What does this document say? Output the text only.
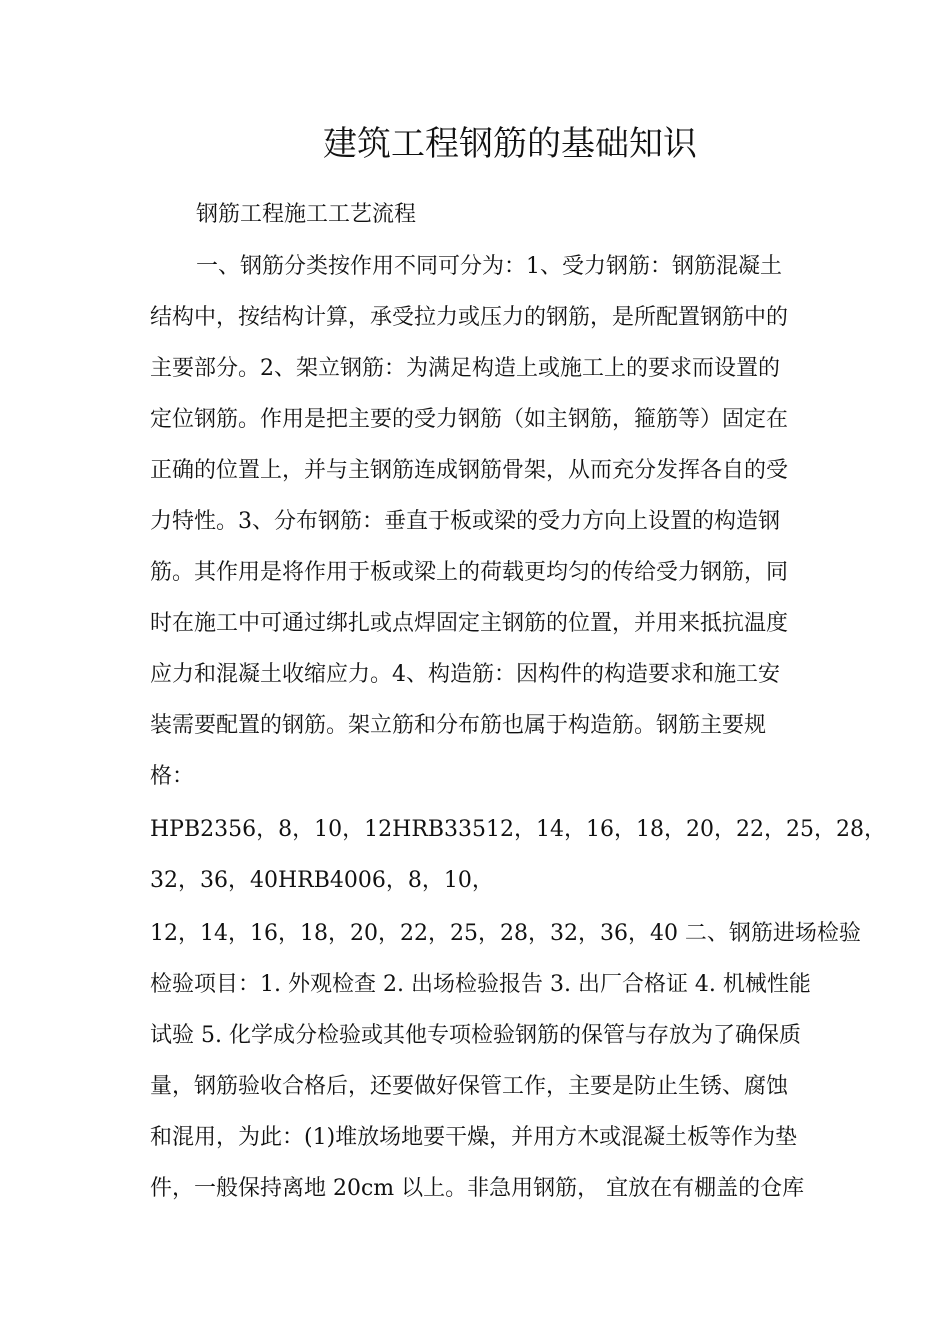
建筑工程钢筋的基础知识
钢筋工程施工工艺流程
一、钢筋分类按作用不同可分为：1、受力钢筋：钢筋混凝土
结构中，按结构计算，承受拉力或压力的钢筋，是所配置钢筋中的
主要部分。2、架立钢筋：为满足构造上或施工上的要求而设置的
定位钢筋。作用是把主要的受力钢筋（如主钢筋，箍筋等）固定在
正确的位置上，并与主钢筋连成钢筋骨架，从而充分发挥各自的受
力特性。3、分布钢筋：垂直于板或梁的受力方向上设置的构造钢
筋。其作用是将作用于板或梁上的荷载更均匀的传给受力钢筋，同
时在施工中可通过绑扎或点焊固定主钢筋的位置，并用来抵抗温度
应力和混凝土收缩应力。4、构造筋：因构件的构造要求和施工安
装需要配置的钢筋。架立筋和分布筋也属于构造筋。钢筋主要规
格：
HPB2356，8，10，12HRB33512，14，16，18，20，22，25，28，
32，36，40HRB4006，8，10，
12，14，16，18，20，22，25，28，32，36，40 二、钢筋进场检验
检验项目：1. 外观检查 2. 出场检验报告 3. 出厂合格证 4. 机械性能
试验 5. 化学成分检验或其他专项检验钢筋的保管与存放为了确保质
量，钢筋验收合格后，还要做好保管工作，主要是防止生锈、腐蚀
和混用，为此：(1)堆放场地要干燥，并用方木或混凝土板等作为垫
件，一般保持离地 20cm 以上。非急用钢筋， 宜放在有棚盖的仓库
